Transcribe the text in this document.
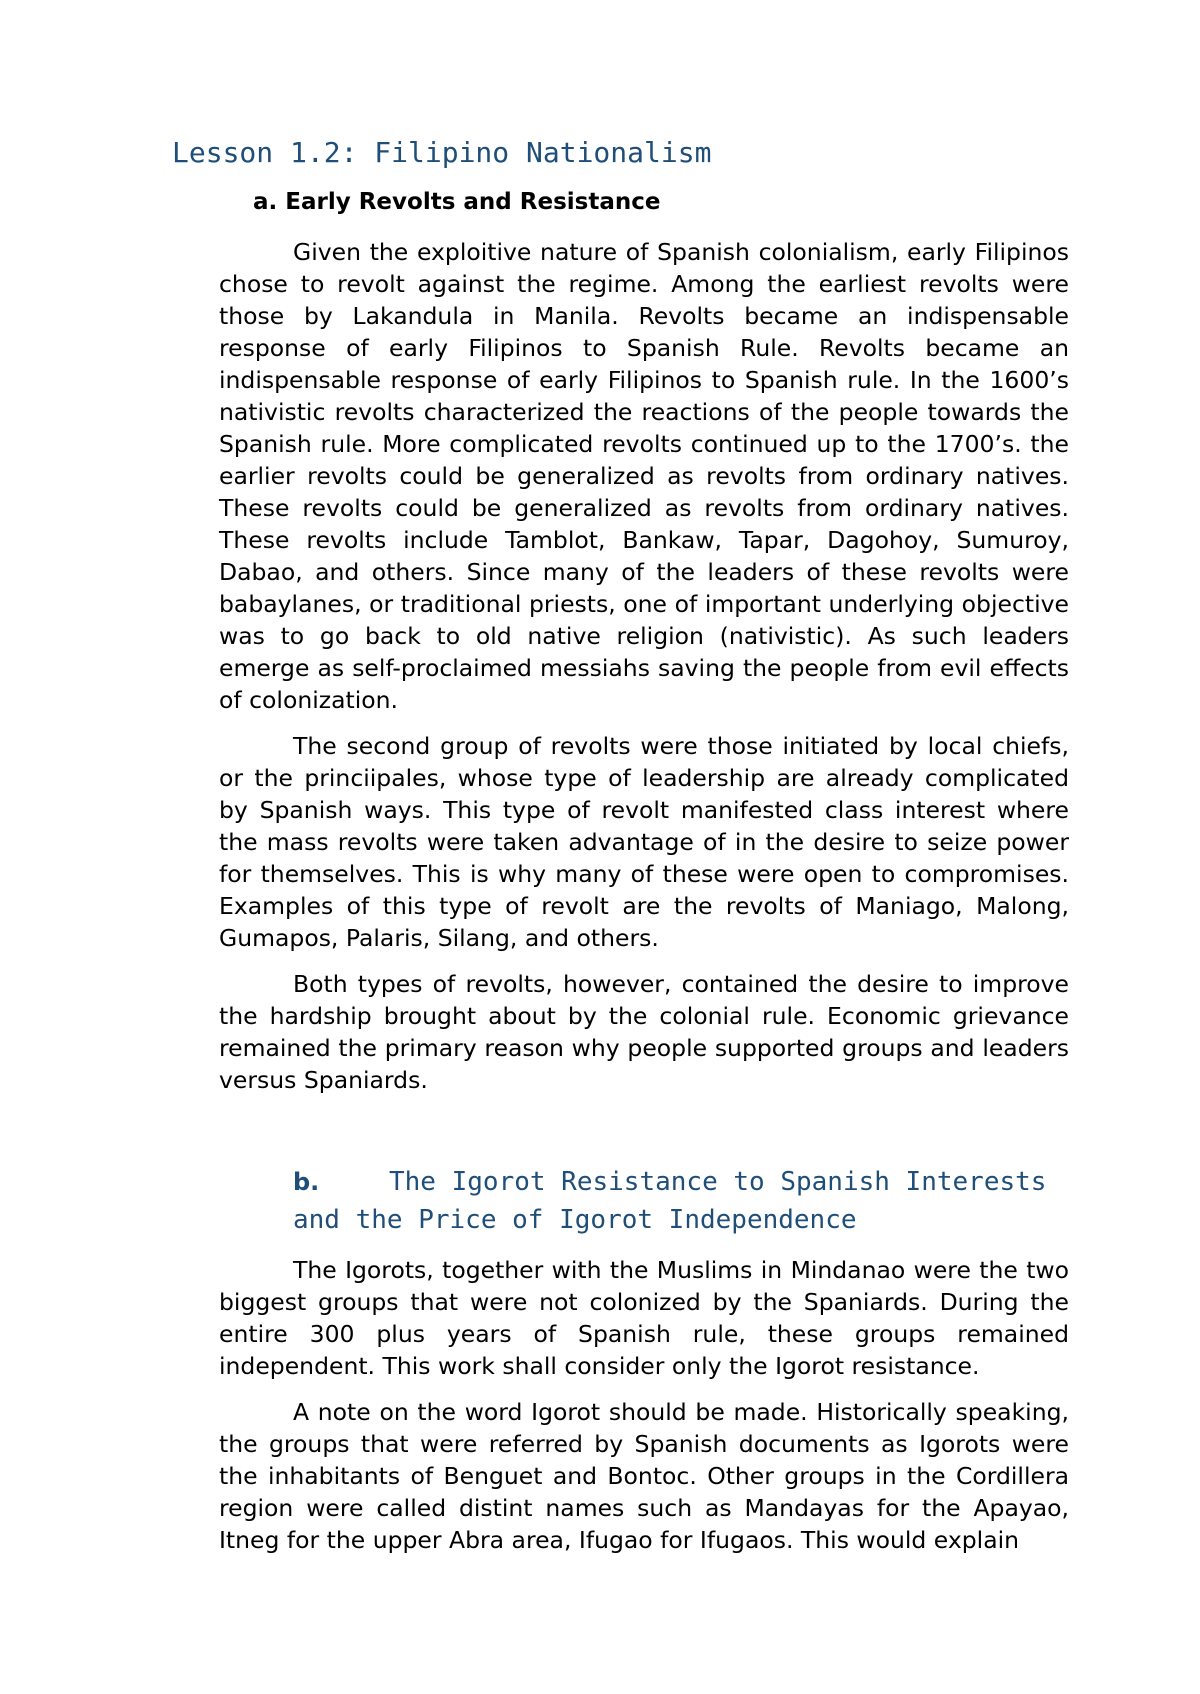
Lesson 1.2: Filipino Nationalism
a. Early Revolts and Resistance

Given the exploitive nature of Spanish colonialism, early Filipinos chose to revolt against the regime. Among the earliest revolts were those by Lakandula in Manila. Revolts became an indispensable response of early Filipinos to Spanish Rule. Revolts became an indispensable response of early Filipinos to Spanish rule. In the 1600’s nativistic revolts characterized the reactions of the people towards the Spanish rule. More complicated revolts continued up to the 1700’s. the earlier revolts could be generalized as revolts from ordinary natives. These revolts could be generalized as revolts from ordinary natives. These revolts include Tamblot, Bankaw, Tapar, Dagohoy, Sumuroy, Dabao, and others. Since many of the leaders of these revolts were babaylanes, or traditional priests, one of important underlying objective was to go back to old native religion (nativistic). As such leaders emerge as self-proclaimed messiahs saving the people from evil effects of colonization.

The second group of revolts were those initiated by local chiefs, or the princiipales, whose type of leadership are already complicated by Spanish ways. This type of revolt manifested class interest where the mass revolts were taken advantage of in the desire to seize power for themselves. This is why many of these were open to compromises. Examples of this type of revolt are the revolts of Maniago, Malong, Gumapos, Palaris, Silang, and others.

Both types of revolts, however, contained the desire to improve the hardship brought about by the colonial rule. Economic grievance remained the primary reason why people supported groups and leaders versus Spaniards.

b.	The Igorot Resistance to Spanish Interests and the Price of Igorot Independence

The Igorots, together with the Muslims in Mindanao were the two biggest groups that were not colonized by the Spaniards. During the entire 300 plus years of Spanish rule, these groups remained independent. This work shall consider only the Igorot resistance.

A note on the word Igorot should be made. Historically speaking, the groups that were referred by Spanish documents as Igorots were the inhabitants of Benguet and Bontoc. Other groups in the Cordillera region were called distint names such as Mandayas for the Apayao, Itneg for the upper Abra area, Ifugao for Ifugaos. This would explain
